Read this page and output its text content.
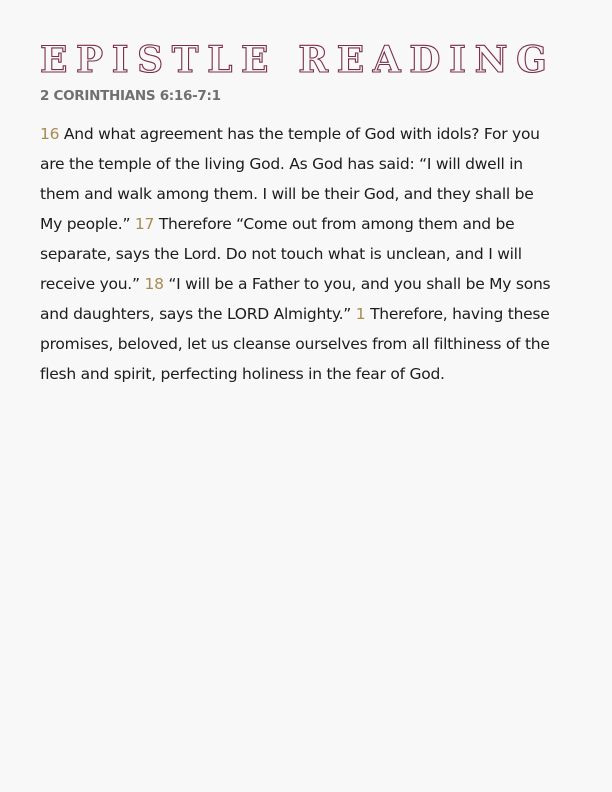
EPISTLE READING
2 CORINTHIANS 6:16-7:1

16 And what agreement has the temple of God with idols? For you are the temple of the living God. As God has said: “I will dwell in them and walk among them. I will be their God, and they shall be My people.” 17 Therefore “Come out from among them and be separate, says the Lord. Do not touch what is unclean, and I will receive you.” 18 “I will be a Father to you, and you shall be My sons and daughters, says the LORD Almighty.” 1 Therefore, having these promises, beloved, let us cleanse ourselves from all filthiness of the flesh and spirit, perfecting holiness in the fear of God.
